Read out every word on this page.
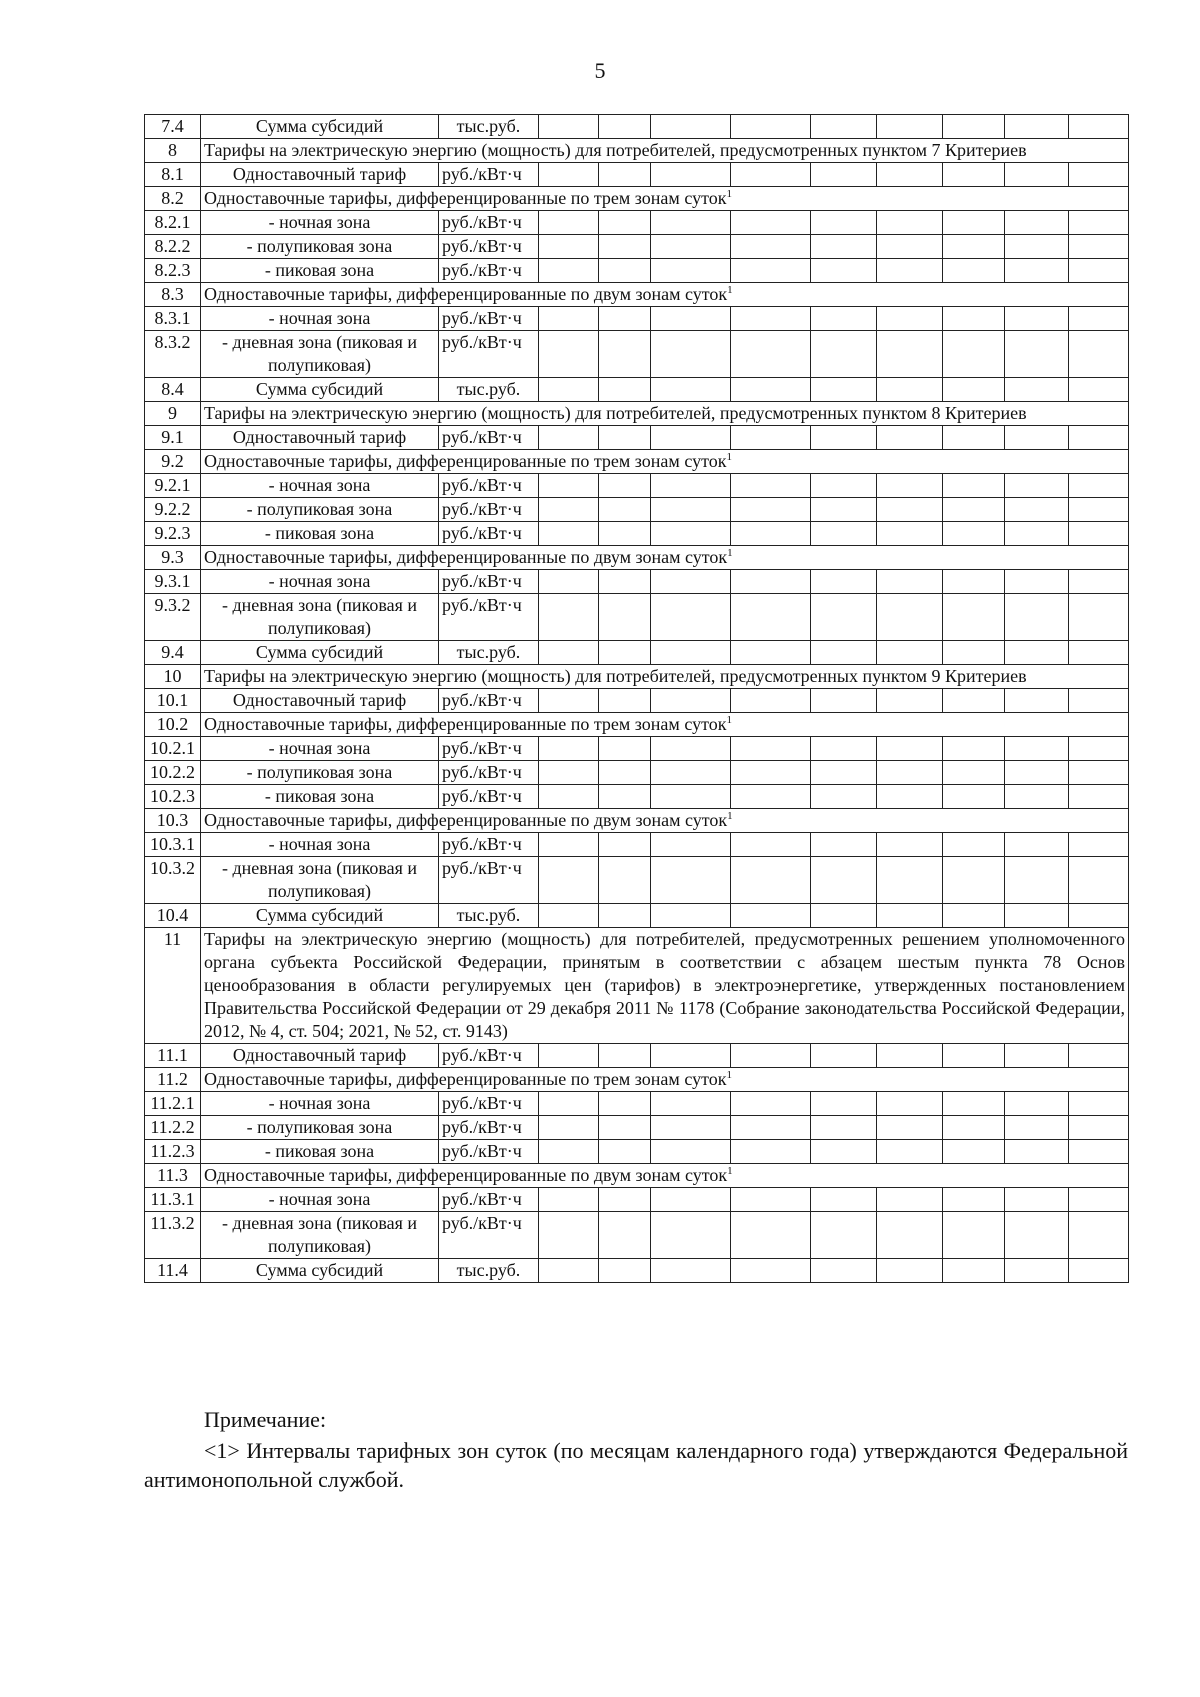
5
7.4	Сумма субсидий	тыс.руб.									
8	Тарифы на электрическую энергию (мощность) для потребителей, предусмотренных пунктом 7 Критериев										
8.1	Одноставочный тариф	руб./кВт·ч									
8.2	Одноставочные тарифы, дифференцированные по трем зонам суток$^1$
8.2.1	- ночная зона	руб./кВт·ч									
8.2.2	- полупиковая зона	руб./кВт·ч									
8.2.3	- пиковая зона	руб./кВт·ч									
8.3	Одноставочные тарифы, дифференцированные по двум зонам суток$^1$
8.3.1	- ночная зона	руб./кВт·ч									
8.3.2	- дневная зона (пиковая и полупиковая)	руб./кВт·ч									
8.4	Сумма субсидий	тыс.руб.									
9	Тарифы на электрическую энергию (мощность) для потребителей, предусмотренных пунктом 8 Критериев										
9.1	Одноставочный тариф	руб./кВт·ч									
9.2	Одноставочные тарифы, дифференцированные по трем зонам суток$^1$
9.2.1	- ночная зона	руб./кВт·ч									
9.2.2	- полупиковая зона	руб./кВт·ч									
9.2.3	- пиковая зона	руб./кВт·ч									
9.3	Одноставочные тарифы, дифференцированные по двум зонам суток$^1$
9.3.1	- ночная зона	руб./кВт·ч									
9.3.2	- дневная зона (пиковая и полупиковая)	руб./кВт·ч									
9.4	Сумма субсидий	тыс.руб.									
10	Тарифы на электрическую энергию (мощность) для потребителей, предусмотренных пунктом 9 Критериев										
10.1	Одноставочный тариф	руб./кВт·ч									
10.2	Одноставочные тарифы, дифференцированные по трем зонам суток$^1$
10.2.1	- ночная зона	руб./кВт·ч									
10.2.2	- полупиковая зона	руб./кВт·ч									
10.2.3	- пиковая зона	руб./кВт·ч									
10.3	Одноставочные тарифы, дифференцированные по двум зонам суток$^1$
10.3.1	- ночная зона	руб./кВт·ч									
10.3.2	- дневная зона (пиковая и полупиковая)	руб./кВт·ч									
10.4	Сумма субсидий	тыс.руб.									
11	Тарифы на электрическую энергию (мощность) для потребителей, предусмотренных решением уполномоченного органа субъекта Российской Федерации, принятым в соответствии с абзацем шестым пункта 78 Основ ценообразования в области регулируемых цен (тарифов) в электроэнергетике, утвержденных постановлением Правительства Российской Федерации от 29 декабря 2011 № 1178 (Собрание законодательства Российской Федерации, 2012, № 4, ст. 504; 2021, № 52, ст. 9143)										
11.1	Одноставочный тариф	руб./кВт·ч									
11.2	Одноставочные тарифы, дифференцированные по трем зонам суток$^1$
11.2.1	- ночная зона	руб./кВт·ч									
11.2.2	- полупиковая зона	руб./кВт·ч									
11.2.3	- пиковая зона	руб./кВт·ч									
11.3	Одноставочные тарифы, дифференцированные по двум зонам суток$^1$
11.3.1	- ночная зона	руб./кВт·ч									
11.3.2	- дневная зона (пиковая и полупиковая)	руб./кВт·ч									
11.4	Сумма субсидий	тыс.руб.									
Примечание:
<1> Интервалы тарифных зон суток (по месяцам календарного года) утверждаются Федеральной антимонопольной службой.
